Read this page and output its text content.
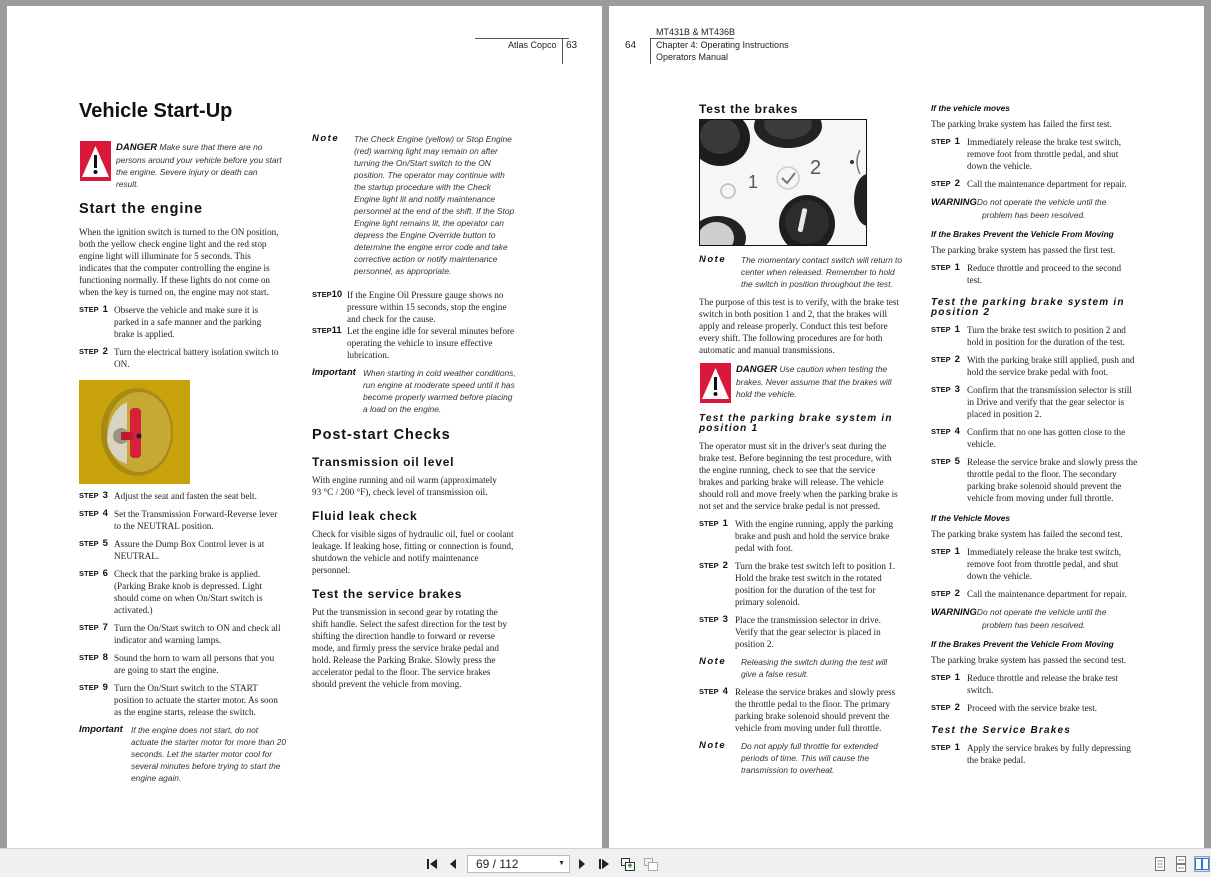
Atlas Copco 63
Vehicle Start-Up
DANGER Make sure that there are no
persons around your vehicle before you start
the engine. Severe injury or death can
result.
Start the engine
When the ignition switch is turned to the ON position,
both the yellow check engine light and the red stop
engine light will illuminate for 5 seconds. This
indicates that the computer controlling the engine is
functioning normally. If these lights do not come on
when the key is turned on, the engine may not start.
STEP 1 Observe the vehicle and make sure it is
parked in a safe manner and the parking
brake is applied.
STEP 2 Turn the electrical battery isolation switch to
ON.
STEP 3 Adjust the seat and fasten the seat belt.
STEP 4 Set the Transmission Forward-Reverse lever
to the NEUTRAL position.
STEP 5 Assure the Dump Box Control lever is at
NEUTRAL.
STEP 6 Check that the parking brake is applied.
(Parking Brake knob is depressed. Light
should come on when On/Start switch is
activated.)
STEP 7 Turn the On/Start switch to ON and check all
indicator and warning lamps.
STEP 8 Sound the horn to warn all persons that you
are going to start the engine.
STEP 9 Turn the On/Start switch to the START
position to actuate the starter motor. As soon
as the engine starts, release the switch.
Important If the engine does not start, do not
actuate the starter motor for more than 20
seconds. Let the starter motor cool for
several minutes before trying to start the
engine again.
Note The Check Engine (yellow) or Stop Engine
(red) warning light may remain on after
turning the On/Start switch to the ON
position. The operator may continue with
the startup procedure with the Check
Engine light lit and notify maintenance
personnel at the end of the shift. If the Stop
Engine light remains lit, the operator can
depress the Engine Override button to
determine the engine error code and take
corrective action or notify maintenance
personnel, as appropriate.
STEP10 If the Engine Oil Pressure gauge shows no
pressure within 15 seconds, stop the engine
and check for the cause.
STEP11 Let the engine idle for several minutes before
operating the vehicle to insure effective
lubrication.
Important When starting in cold weather conditions,
run engine at moderate speed until it has
become properly warmed before placing
a load on the engine.
Post-start Checks
Transmission oil level
With engine running and oil warm (approximately
93 °C / 200 °F), check level of transmission oil.
Fluid leak check
Check for visible signs of hydraulic oil, fuel or coolant
leakage. If leaking hose, fitting or connection is found,
shutdown the vehicle and notify maintenance
personnel.
Test the service brakes
Put the transmission in second gear by rotating the
shift handle. Select the safest direction for the test by
shifting the direction handle to forward or reverse
mode, and firmly press the service brake pedal and
hold. Release the Parking Brake. Slowly press the
accelerator pedal to the floor. The service brakes
should prevent the vehicle from moving.
MT431B & MT436B
64 Chapter 4: Operating Instructions
Operators Manual
Test the brakes
1
2
Note The momentary contact switch will return to
center when released. Remember to hold
the switch in position throughout the test.
The purpose of this test is to verify, with the brake test
switch in both position 1 and 2, that the brakes will
apply and release properly. Conduct this test before
every shift. The following procedures are for both
automatic and manual transmissions.
DANGER Use caution when testing the
brakes. Never assume that the brakes will
hold the vehicle.
Test the parking brake system in
position 1
The operator must sit in the driver's seat during the
brake test. Before beginning the test procedure, with
the engine running, check to see that the service
brakes and parking brake will release. The vehicle
should roll and move freely when the parking brake is
not set and the service brake pedal is not pressed.
STEP 1 With the engine running, apply the parking
brake and push and hold the service brake
pedal with foot.
STEP 2 Turn the brake test switch left to position 1.
Hold the brake test switch in the rotated
position for the duration of the test for
primary solenoid.
STEP 3 Place the transmission selector in drive.
Verify that the gear selector is placed in
position 2.
Note Releasing the switch during the test will
give a false result.
STEP 4 Release the service brakes and slowly press
the throttle pedal to the floor. The primary
parking brake solenoid should prevent the
vehicle from moving under full throttle.
Note Do not apply full throttle for extended
periods of time. This will cause the
transmission to overheat.
If the vehicle moves
The parking brake system has failed the first test.
STEP 1 Immediately release the brake test switch,
remove foot from throttle pedal, and shut
down the vehicle.
STEP 2 Call the maintenance department for repair.
WARNINGDo not operate the vehicle until the
problem has been resolved.
If the Brakes Prevent the Vehicle From Moving
The parking brake system has passed the first test.
STEP 1 Reduce throttle and proceed to the second
test.
Test the parking brake system in
position 2
STEP 1 Turn the brake test switch to position 2 and
hold in position for the duration of the test.
STEP 2 With the parking brake still applied, push and
hold the service brake pedal with foot.
STEP 3 Confirm that the transmission selector is still
in Drive and verify that the gear selector is
placed in position 2.
STEP 4 Confirm that no one has gotten close to the
vehicle.
STEP 5 Release the service brake and slowly press the
throttle pedal to the floor. The secondary
parking brake solenoid should prevent the
vehicle from moving under full throttle.
If the Vehicle Moves
The parking brake system has failed the second test.
STEP 1 Immediately release the brake test switch,
remove foot from throttle pedal, and shut
down the vehicle.
STEP 2 Call the maintenance department for repair.
WARNINGDo not operate the vehicle until the
problem has been resolved.
If the Brakes Prevent the Vehicle From Moving
The parking brake system has passed the second test.
STEP 1 Reduce throttle and release the brake test
switch.
STEP 2 Proceed with the service brake test.
Test the Service Brakes
STEP 1 Apply the service brakes by fully depressing
the brake pedal.
69 / 112	▼
